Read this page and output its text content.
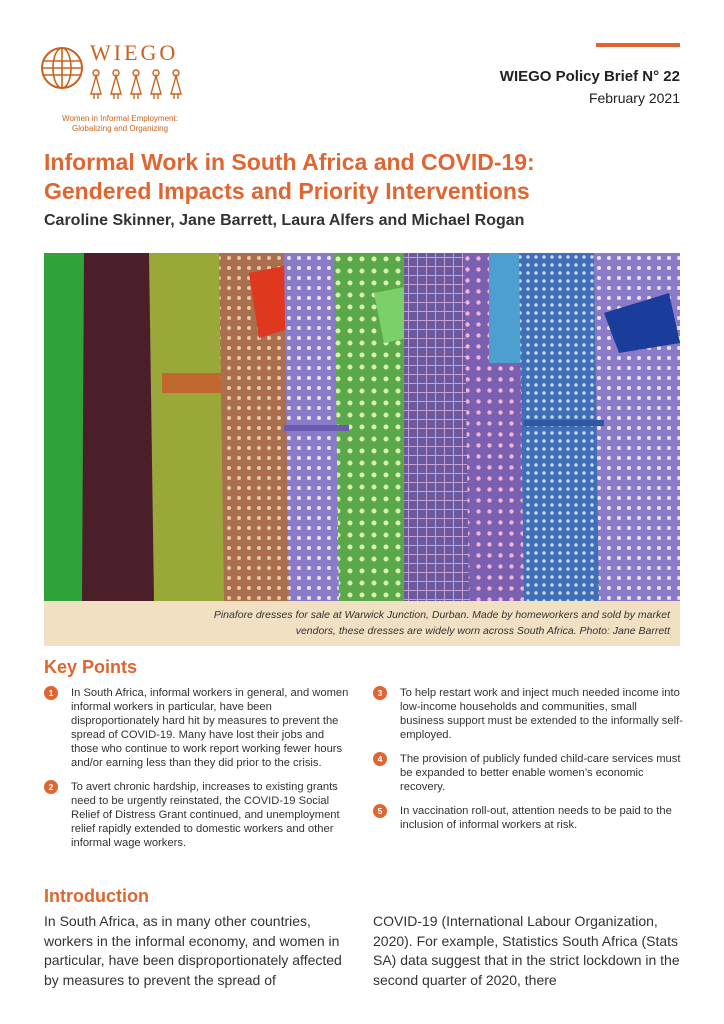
WIEGO
Women in Informal Employment:
Globalizing and Organizing
WIEGO Policy Brief N° 22
February 2021
Informal Work in South Africa and COVID-19:
Gendered Impacts and Priority Interventions
Caroline Skinner, Jane Barrett, Laura Alfers and Michael Rogan
Pinafore dresses for sale at Warwick Junction, Durban. Made by homeworkers and sold by market
vendors, these dresses are widely worn across South Africa. Photo: Jane Barrett
Key Points
1	In South Africa, informal workers in general, and women informal workers in particular, have been disproportionately hard hit by measures to prevent the spread of COVID-19. Many have lost their jobs and those who continue to work report working fewer hours and/or earning less than they did prior to the crisis.
2	To avert chronic hardship, increases to existing grants need to be urgently reinstated, the COVID-19 Social Relief of Distress Grant continued, and unemployment relief rapidly extended to domestic workers and other informal wage workers.
3	To help restart work and inject much needed income into low-income households and communities, small business support must be extended to the informally self-employed.
4	The provision of publicly funded child-care services must be expanded to better enable women’s economic recovery.
5	In vaccination roll-out, attention needs to be paid to the inclusion of informal workers at risk.
Introduction
In South Africa, as in many other countries, workers in the informal economy, and women in particular, have been disproportionately affected by measures to prevent the spread of
COVID-19 (International Labour Organization, 2020). For example, Statistics South Africa (Stats SA) data suggest that in the strict lockdown in the second quarter of 2020, there
